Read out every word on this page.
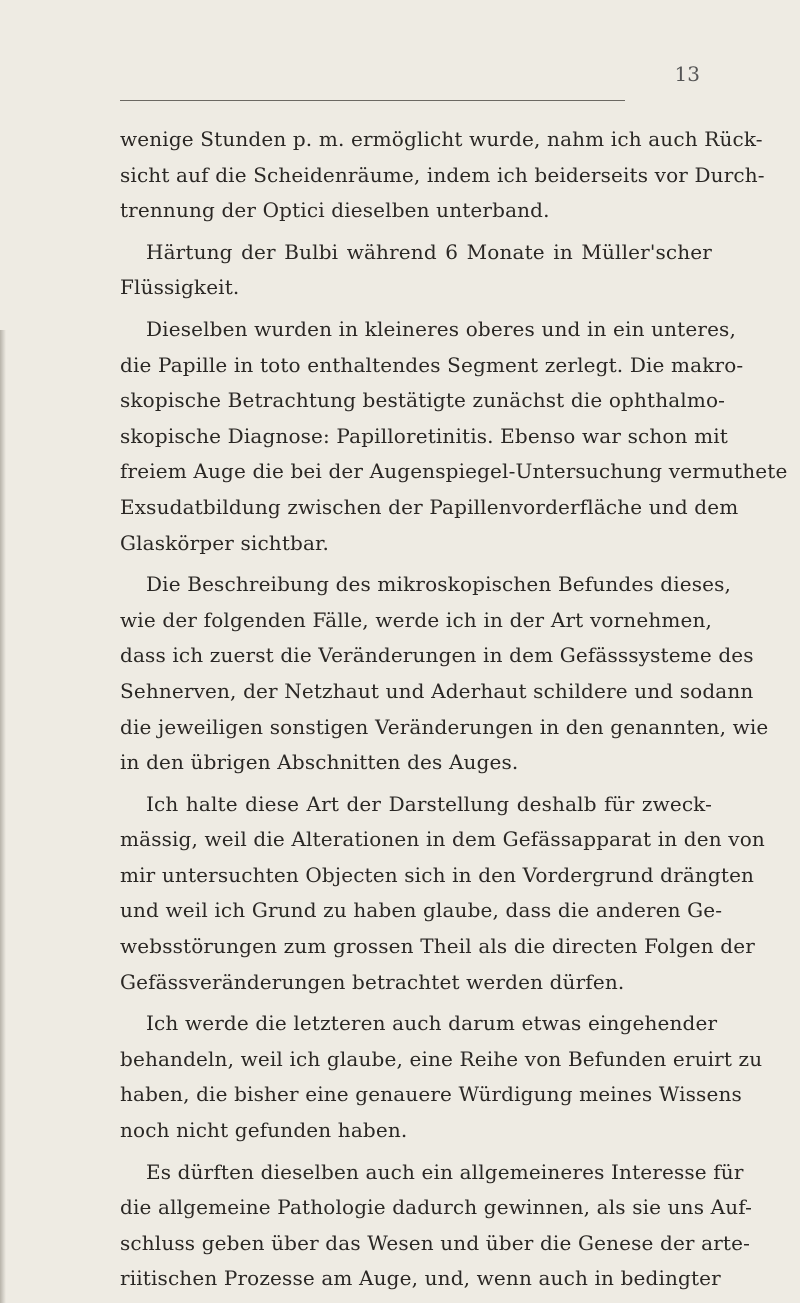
13
wenige Stunden p. m. ermöglicht wurde, nahm ich auch Rück-
sicht auf die Scheidenräume, indem ich beiderseits vor Durch-
trennung der Optici dieselben unterband.
Härtung der Bulbi während 6 Monate in Müller'scher
Flüssigkeit.
Dieselben wurden in kleineres oberes und in ein unteres,
die Papille in toto enthaltendes Segment zerlegt. Die makro-
skopische Betrachtung bestätigte zunächst die ophthalmo-
skopische Diagnose: Papilloretinitis. Ebenso war schon mit
freiem Auge die bei der Augenspiegel-Untersuchung vermuthete
Exsudatbildung zwischen der Papillenvorderfläche und dem
Glaskörper sichtbar.
Die Beschreibung des mikroskopischen Befundes dieses,
wie der folgenden Fälle, werde ich in der Art vornehmen,
dass ich zuerst die Veränderungen in dem Gefässsysteme des
Sehnerven, der Netzhaut und Aderhaut schildere und sodann
die jeweiligen sonstigen Veränderungen in den genannten, wie
in den übrigen Abschnitten des Auges.
Ich halte diese Art der Darstellung deshalb für zweck-
mässig, weil die Alterationen in dem Gefässapparat in den von
mir untersuchten Objecten sich in den Vordergrund drängten
und weil ich Grund zu haben glaube, dass die anderen Ge-
websstörungen zum grossen Theil als die directen Folgen der
Gefässveränderungen betrachtet werden dürfen.
Ich werde die letzteren auch darum etwas eingehender
behandeln, weil ich glaube, eine Reihe von Befunden eruirt zu
haben, die bisher eine genauere Würdigung meines Wissens
noch nicht gefunden haben.
Es dürften dieselben auch ein allgemeineres Interesse für
die allgemeine Pathologie dadurch gewinnen, als sie uns Auf-
schluss geben über das Wesen und über die Genese der arte-
riitischen Prozesse am Auge, und, wenn auch in bedingter
